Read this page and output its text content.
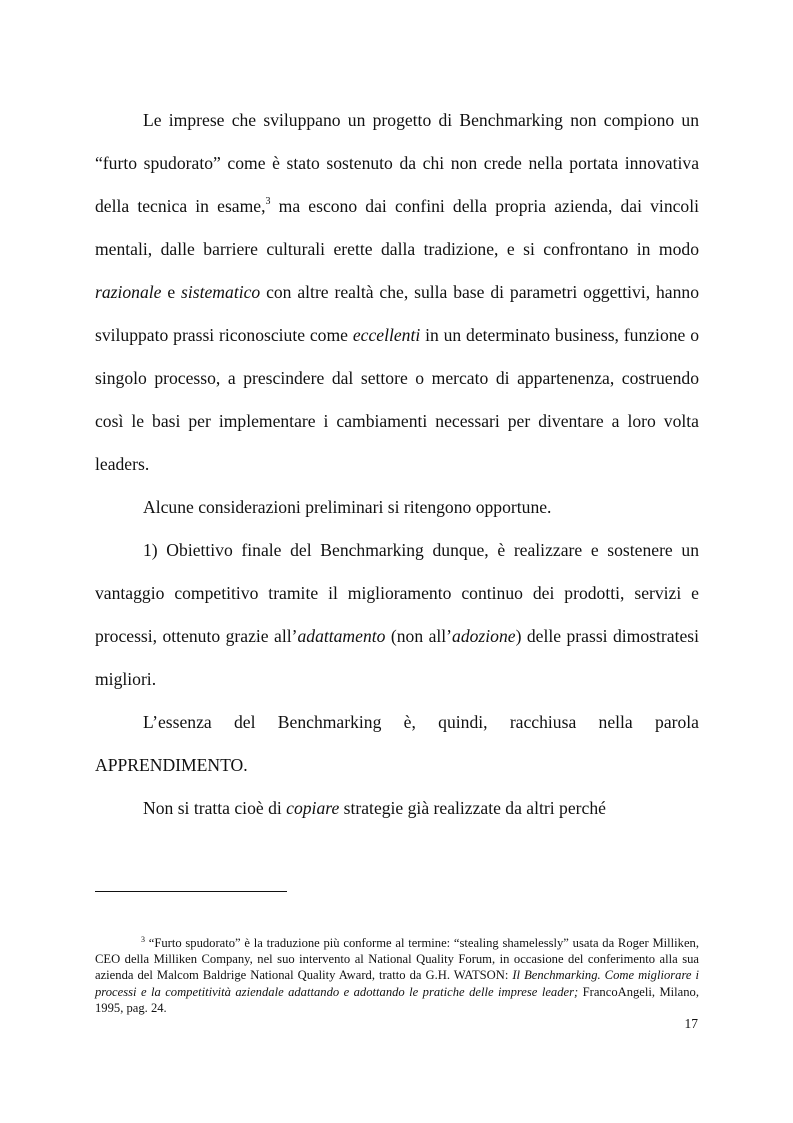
Le imprese che sviluppano un progetto di Benchmarking non compiono un “furto spudorato” come è stato sostenuto da chi non crede nella portata innovativa della tecnica in esame,$^3$ ma escono dai confini della propria azienda, dai vincoli mentali, dalle barriere culturali erette dalla tradizione, e si confrontano in modo razionale e sistematico con altre realtà che, sulla base di parametri oggettivi, hanno sviluppato prassi riconosciute come eccellenti in un determinato business, funzione o singolo processo, a prescindere dal settore o mercato di appartenenza, costruendo così le basi per implementare i cambiamenti necessari per diventare a loro volta leaders.

Alcune considerazioni preliminari si ritengono opportune.

1) Obiettivo finale del Benchmarking dunque, è realizzare e sostenere un vantaggio competitivo tramite il miglioramento continuo dei prodotti, servizi e processi, ottenuto grazie all’adattamento (non all’adozione) delle prassi dimostratesi migliori.

L’essenza del Benchmarking è, quindi, racchiusa nella parola APPRENDIMENTO.

Non si tratta cioè di copiare strategie già realizzate da altri perché

$^3$ “Furto spudorato” è la traduzione più conforme al termine: “stealing shamelessly” usata da Roger Milliken, CEO della Milliken Company, nel suo intervento al National Quality Forum, in occasione del conferimento alla sua azienda del Malcom Baldrige National Quality Award, tratto da G.H. WATSON: Il Benchmarking. Come migliorare i processi e la competitività aziendale adattando e adottando le pratiche delle imprese leader; FrancoAngeli, Milano, 1995, pag. 24.

17
